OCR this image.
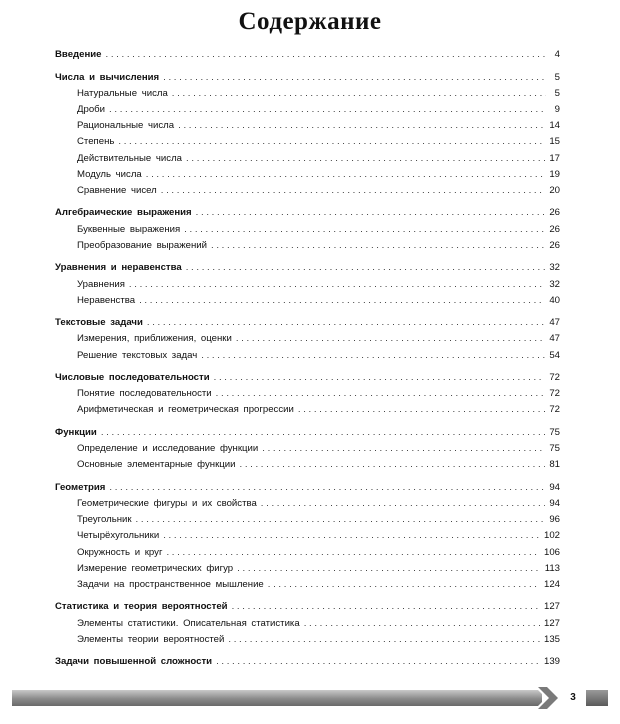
Содержание
Введение . . .	4
Числа и вычисления . . .	5
Натуральные числа . . .	5
Дроби . . .	9
Рациональные числа . . .	14
Степень . . .	15
Действительные числа . . .	17
Модуль числа . . .	19
Сравнение чисел . . .	20
Алгебраические выражения . . .	26
Буквенные выражения . . .	26
Преобразование выражений . . .	26
Уравнения и неравенства . . .	32
Уравнения . . .	32
Неравенства . . .	40
Текстовые задачи . . .	47
Измерения, приближения, оценки . . .	47
Решение текстовых задач . . .	54
Числовые последовательности . . .	72
Понятие последовательности . . .	72
Арифметическая и геометрическая прогрессии . . .	72
Функции . . .	75
Определение и исследование функции . . .	75
Основные элементарные функции . . .	81
Геометрия . . .	94
Геометрические фигуры и их свойства . . .	94
Треугольник . . .	96
Четырёхугольники . . .	102
Окружность и круг . . .	106
Измерение геометрических фигур . . .	113
Задачи на пространственное мышление . . .	124
Статистика и теория вероятностей . . .	127
Элементы статистики. Описательная статистика . . .	127
Элементы теории вероятностей . . .	135
Задачи повышенной сложности . . .	139
3
